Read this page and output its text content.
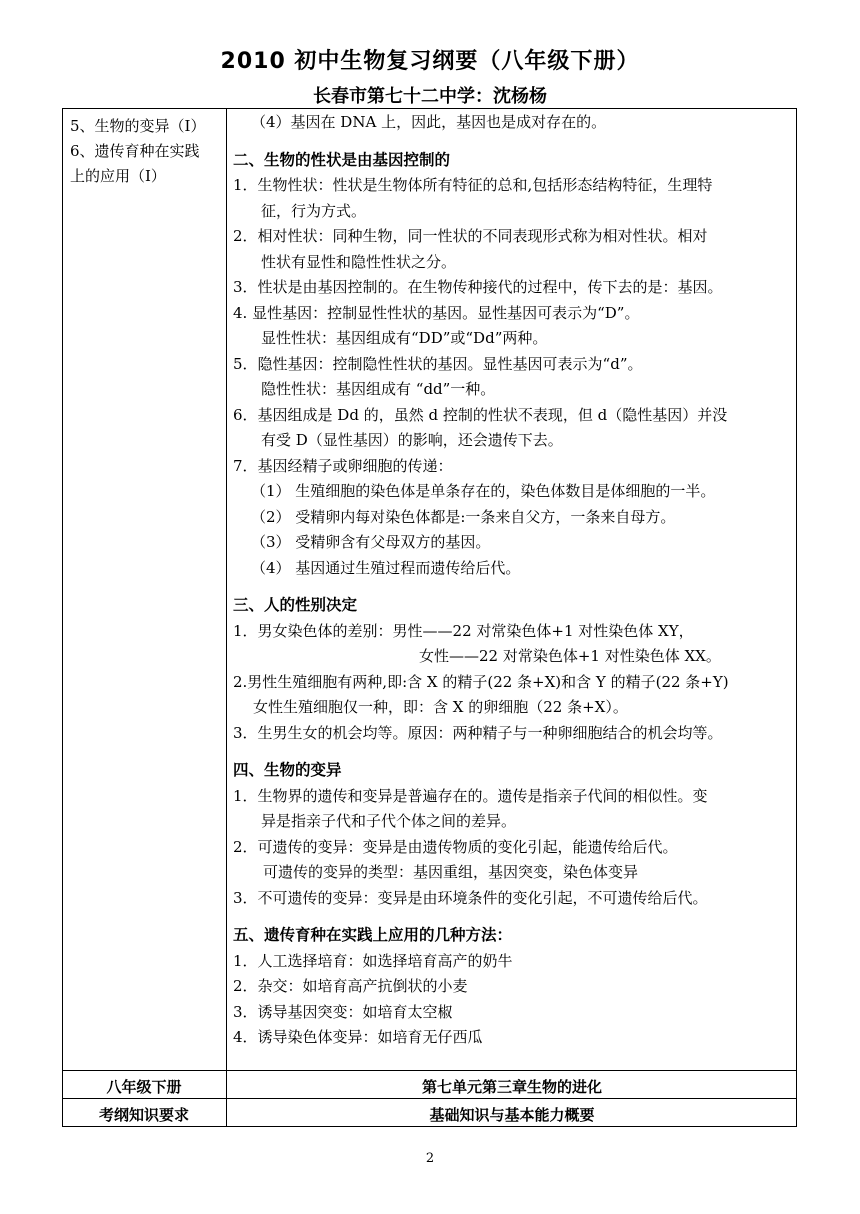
2010 初中生物复习纲要（八年级下册）
长春市第七十二中学：沈杨杨
5、生物的变异（I）
6、遗传育种在实践
上的应用（I）
（4）基因在 DNA 上，因此，基因也是成对存在的。
二、生物的性状是由基因控制的
1．生物性状：性状是生物体所有特征的总和,包括形态结构特征，生理特
征，行为方式。
2．相对性状：同种生物，同一性状的不同表现形式称为相对性状。相对
性状有显性和隐性性状之分。
3．性状是由基因控制的。在生物传种接代的过程中，传下去的是：基因。
4. 显性基因：控制显性性状的基因。显性基因可表示为“D”。
显性性状：基因组成有“DD”或“Dd”两种。
5．隐性基因：控制隐性性状的基因。显性基因可表示为“d”。
隐性性状：基因组成有 “dd”一种。
6．基因组成是 Dd 的，虽然 d 控制的性状不表现，但 d（隐性基因）并没
有受 D（显性基因）的影响，还会遗传下去。
7．基因经精子或卵细胞的传递：
（1） 生殖细胞的染色体是单条存在的，染色体数目是体细胞的一半。
（2） 受精卵内每对染色体都是:一条来自父方，一条来自母方。
（3） 受精卵含有父母双方的基因。
（4） 基因通过生殖过程而遗传给后代。
三、人的性别决定
1．男女染色体的差别：男性——22 对常染色体+1 对性染色体 XY，
女性——22 对常染色体+1 对性染色体 XX。
2.男性生殖细胞有两种,即:含 X 的精子(22 条+X)和含 Y 的精子(22 条+Y)
女性生殖细胞仅一种，即：含 X 的卵细胞（22 条+X）。
3．生男生女的机会均等。原因：两种精子与一种卵细胞结合的机会均等。
四、生物的变异
1．生物界的遗传和变异是普遍存在的。遗传是指亲子代间的相似性。变
异是指亲子代和子代个体之间的差异。
2．可遗传的变异：变异是由遗传物质的变化引起，能遗传给后代。
可遗传的变异的类型：基因重组，基因突变，染色体变异
3．不可遗传的变异：变异是由环境条件的变化引起，不可遗传给后代。
五、遗传育种在实践上应用的几种方法：
1．人工选择培育：如选择培育高产的奶牛
2．杂交：如培育高产抗倒状的小麦
3．诱导基因突变：如培育太空椒
4．诱导染色体变异：如培育无仔西瓜
八年级下册	第七单元第三章生物的进化
考纲知识要求	基础知识与基本能力概要
2
